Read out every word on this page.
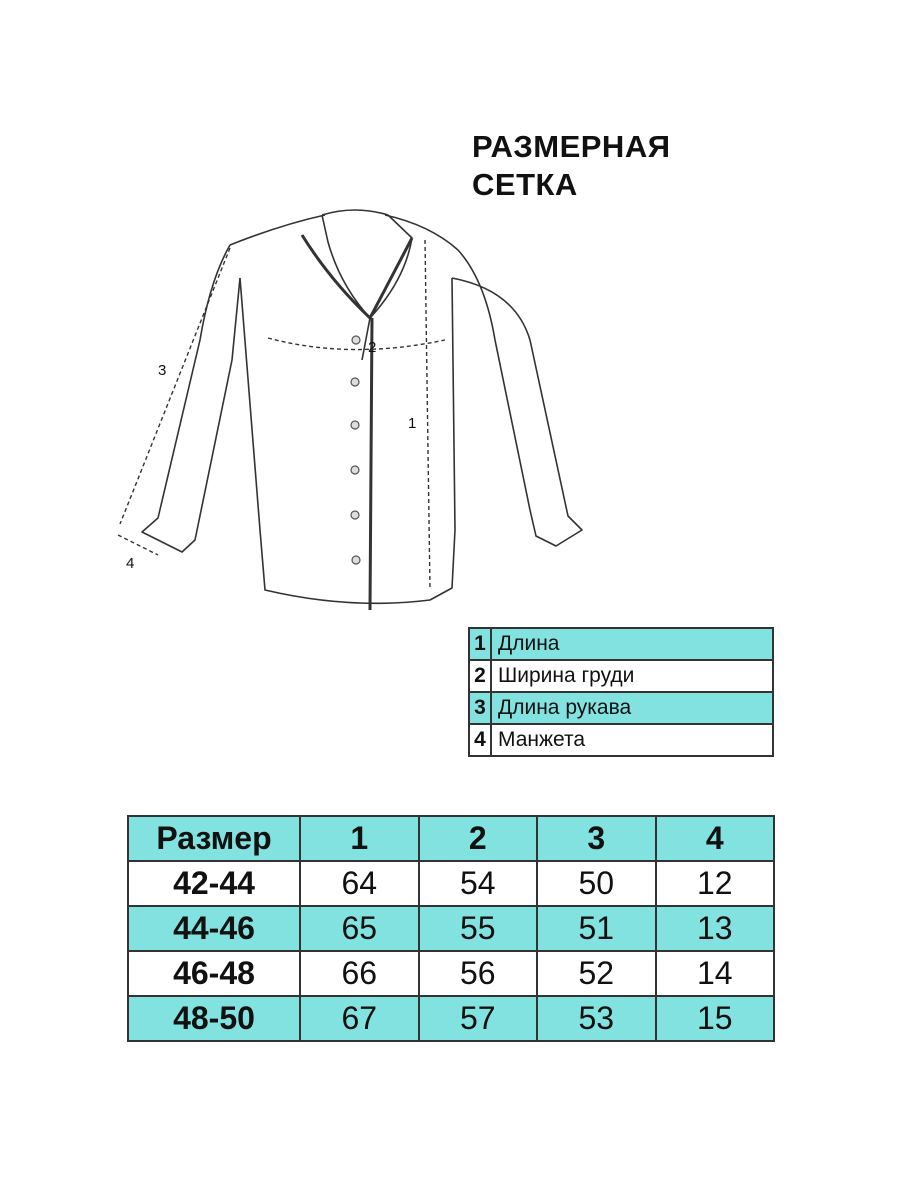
РАЗМЕРНАЯ
СЕТКА
1
2
3
4
1	Длина
2	Ширина груди
3	Длина рукава
4	Манжета
Размер	1	2	3	4
42-44	64	54	50	12
44-46	65	55	51	13
46-48	66	56	52	14
48-50	67	57	53	15
